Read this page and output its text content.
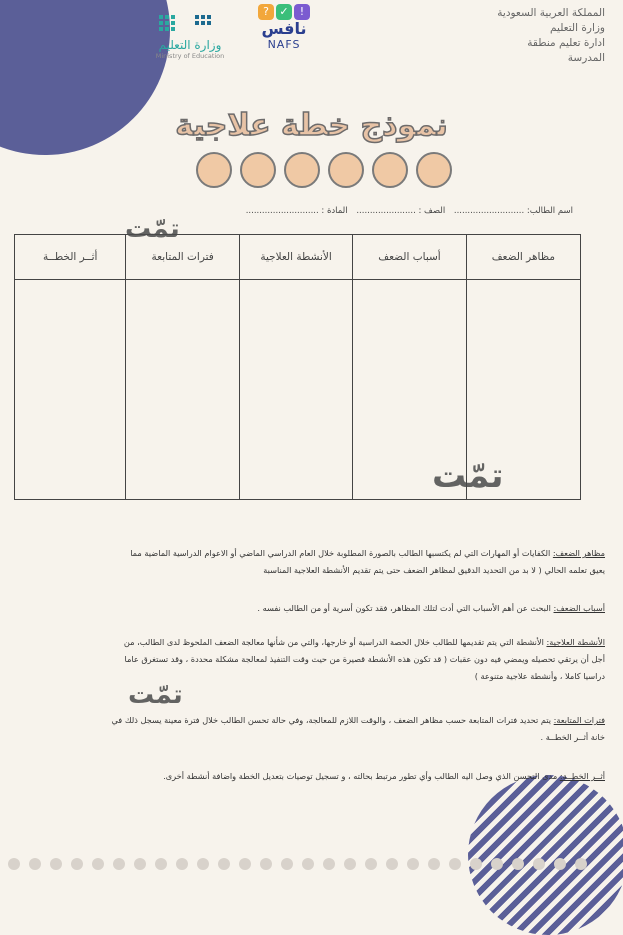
المملكة العربية السعودية
وزارة التعليم
ادارة تعليم منطقة
المدرسة
وزارة التعليم
Ministry of Education
? ✓	!
نافس
NAFS
نموذج خطة علاجية
اسم الطالب: .......................... الصف : ...................... المادة : ...........................
مظاهر الضعف	أسباب الضعف	الأنشطة العلاجية	فترات المتابعة	أثــر الخطــة

تمّت
تمّت
تمّت
مظاهر الضعف: الكفايات أو المهارات التي لم يكتسبها الطالب بالصورة المطلوبة خلال العام الدراسي الماضي أو الاعوام الدراسية الماضية مما
يعيق تعلمه الحالي ( لا بد من التحديد الدقيق لمظاهر الضعف حتى يتم تقديم الأنشطة العلاجية المناسبة
أسباب الضعف: البحث عن أهم الأسباب التي أدت لتلك المظاهر، فقد تكون أسرية أو من الطالب نفسه .
الأنشطة العلاجية: الأنشطة التي يتم تقديمها للطالب خلال الحصة الدراسية أو خارجها، والتي من شأنها معالجة الضعف الملحوظ لدى الطالب، من
أجل أن يرتقي تحصيله ويمضي فيه دون عقبات ( قد تكون هذه الأنشطة قصيرة من حيث وقت التنفيذ لمعالجة مشكلة محددة ، وقد تستغرق عاما
دراسيا كاملا ، وأنشطة علاجية متنوعة )
فترات المتابعة: يتم تحديد فترات المتابعة حسب مظاهر الضعف ، والوقت اللازم للمعالجة، وفي حالة تحسن الطالب خلال فترة معينة يسجل ذلك في
خانة أثــر الخطــة .
أثــر الخطــة: مدى التحسن الذي وصل اليه الطالب وأي تطور مرتبط بحالته ، و تسجيل توصيات بتعديل الخطة واضافة أنشطة أخرى.
